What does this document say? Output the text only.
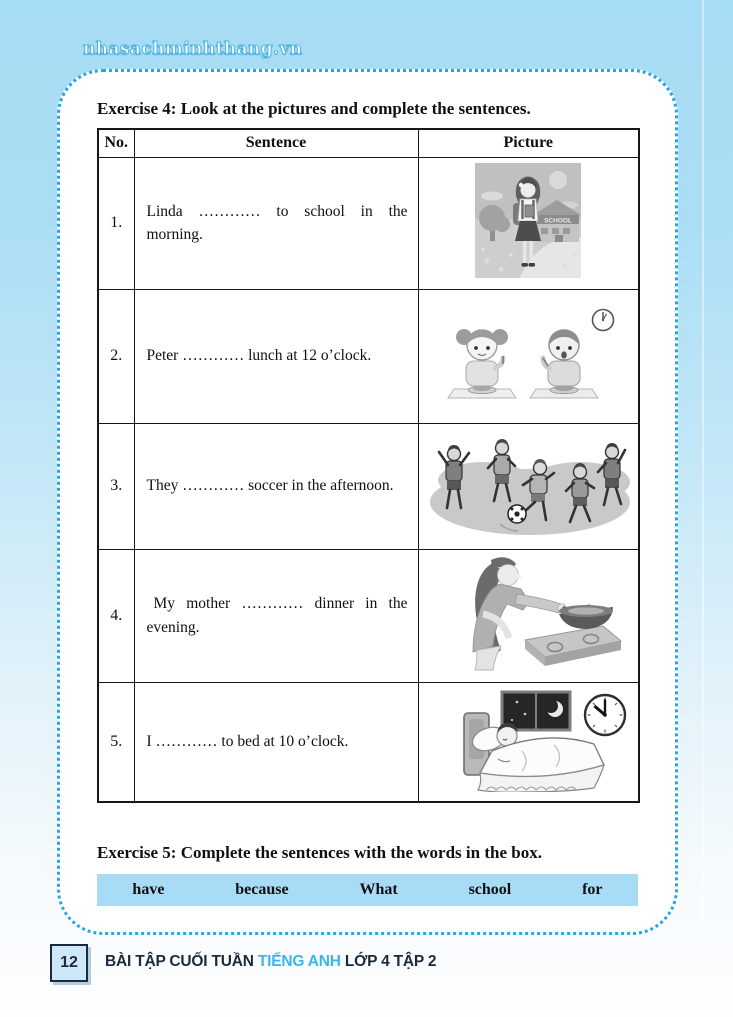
nhasachminhthang.vn
Exercise 4: Look at the pictures and complete the sentences.
No.	Sentence	Picture
1.	Linda ………… to school in the morning.	SCHOOL

2.	Peter ………… lunch at 12 o’clock.	
3.	They ………… soccer in the afternoon.	
4.	My mother ………… dinner in the evening.	
5.	I ………… to bed at 10 o’clock.	
Exercise 5: Complete the sentences with the words in the box.
have	because	What	school	for
12	BÀI TẬP CUỐI TUẦN TIẾNG ANH LỚP 4 TẬP 2
